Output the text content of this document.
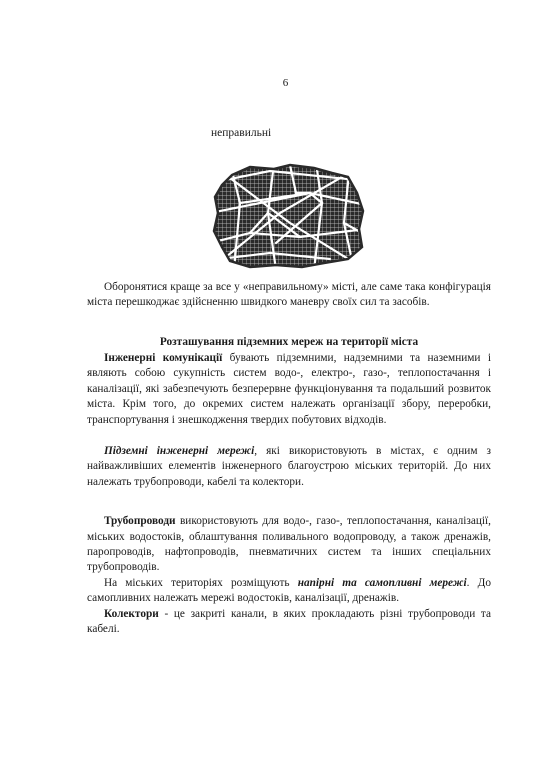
6
неправильні

Оборонятися краще за все у «неправильному» місті, але саме така конфігурація міста перешкоджає здійсненню швидкого маневру своїх сил та засобів.

Розташування підземних мереж на території міста

Інженерні комунікації бувають підземними, надземними та наземними і являють собою сукупність систем водо-, електро-, газо-, теплопостачання і каналізації, які забезпечують безперервне функціонування та подальший розвиток міста. Крім того, до окремих систем належать організації збору, переробки, транспортування і знешкодження твердих побутових відходів.

Підземні інженерні мережі, які використовують в містах, є одним з найважливіших елементів інженерного благоустрою міських територій. До них належать трубопроводи, кабелі та колектори.

Трубопроводи використовують для водо-, газо-, теплопостачання, каналізації, міських водостоків, облаштування поливального водопроводу, а також дренажів, паропроводів, нафтопроводів, пневматичних систем та інших спеціальних трубопроводів.

На міських територіях розміщують напірні та самопливні мережі. До самопливних належать мережі водостоків, каналізації, дренажів.

Колектори - це закриті канали, в яких прокладають різні трубопроводи та кабелі.
